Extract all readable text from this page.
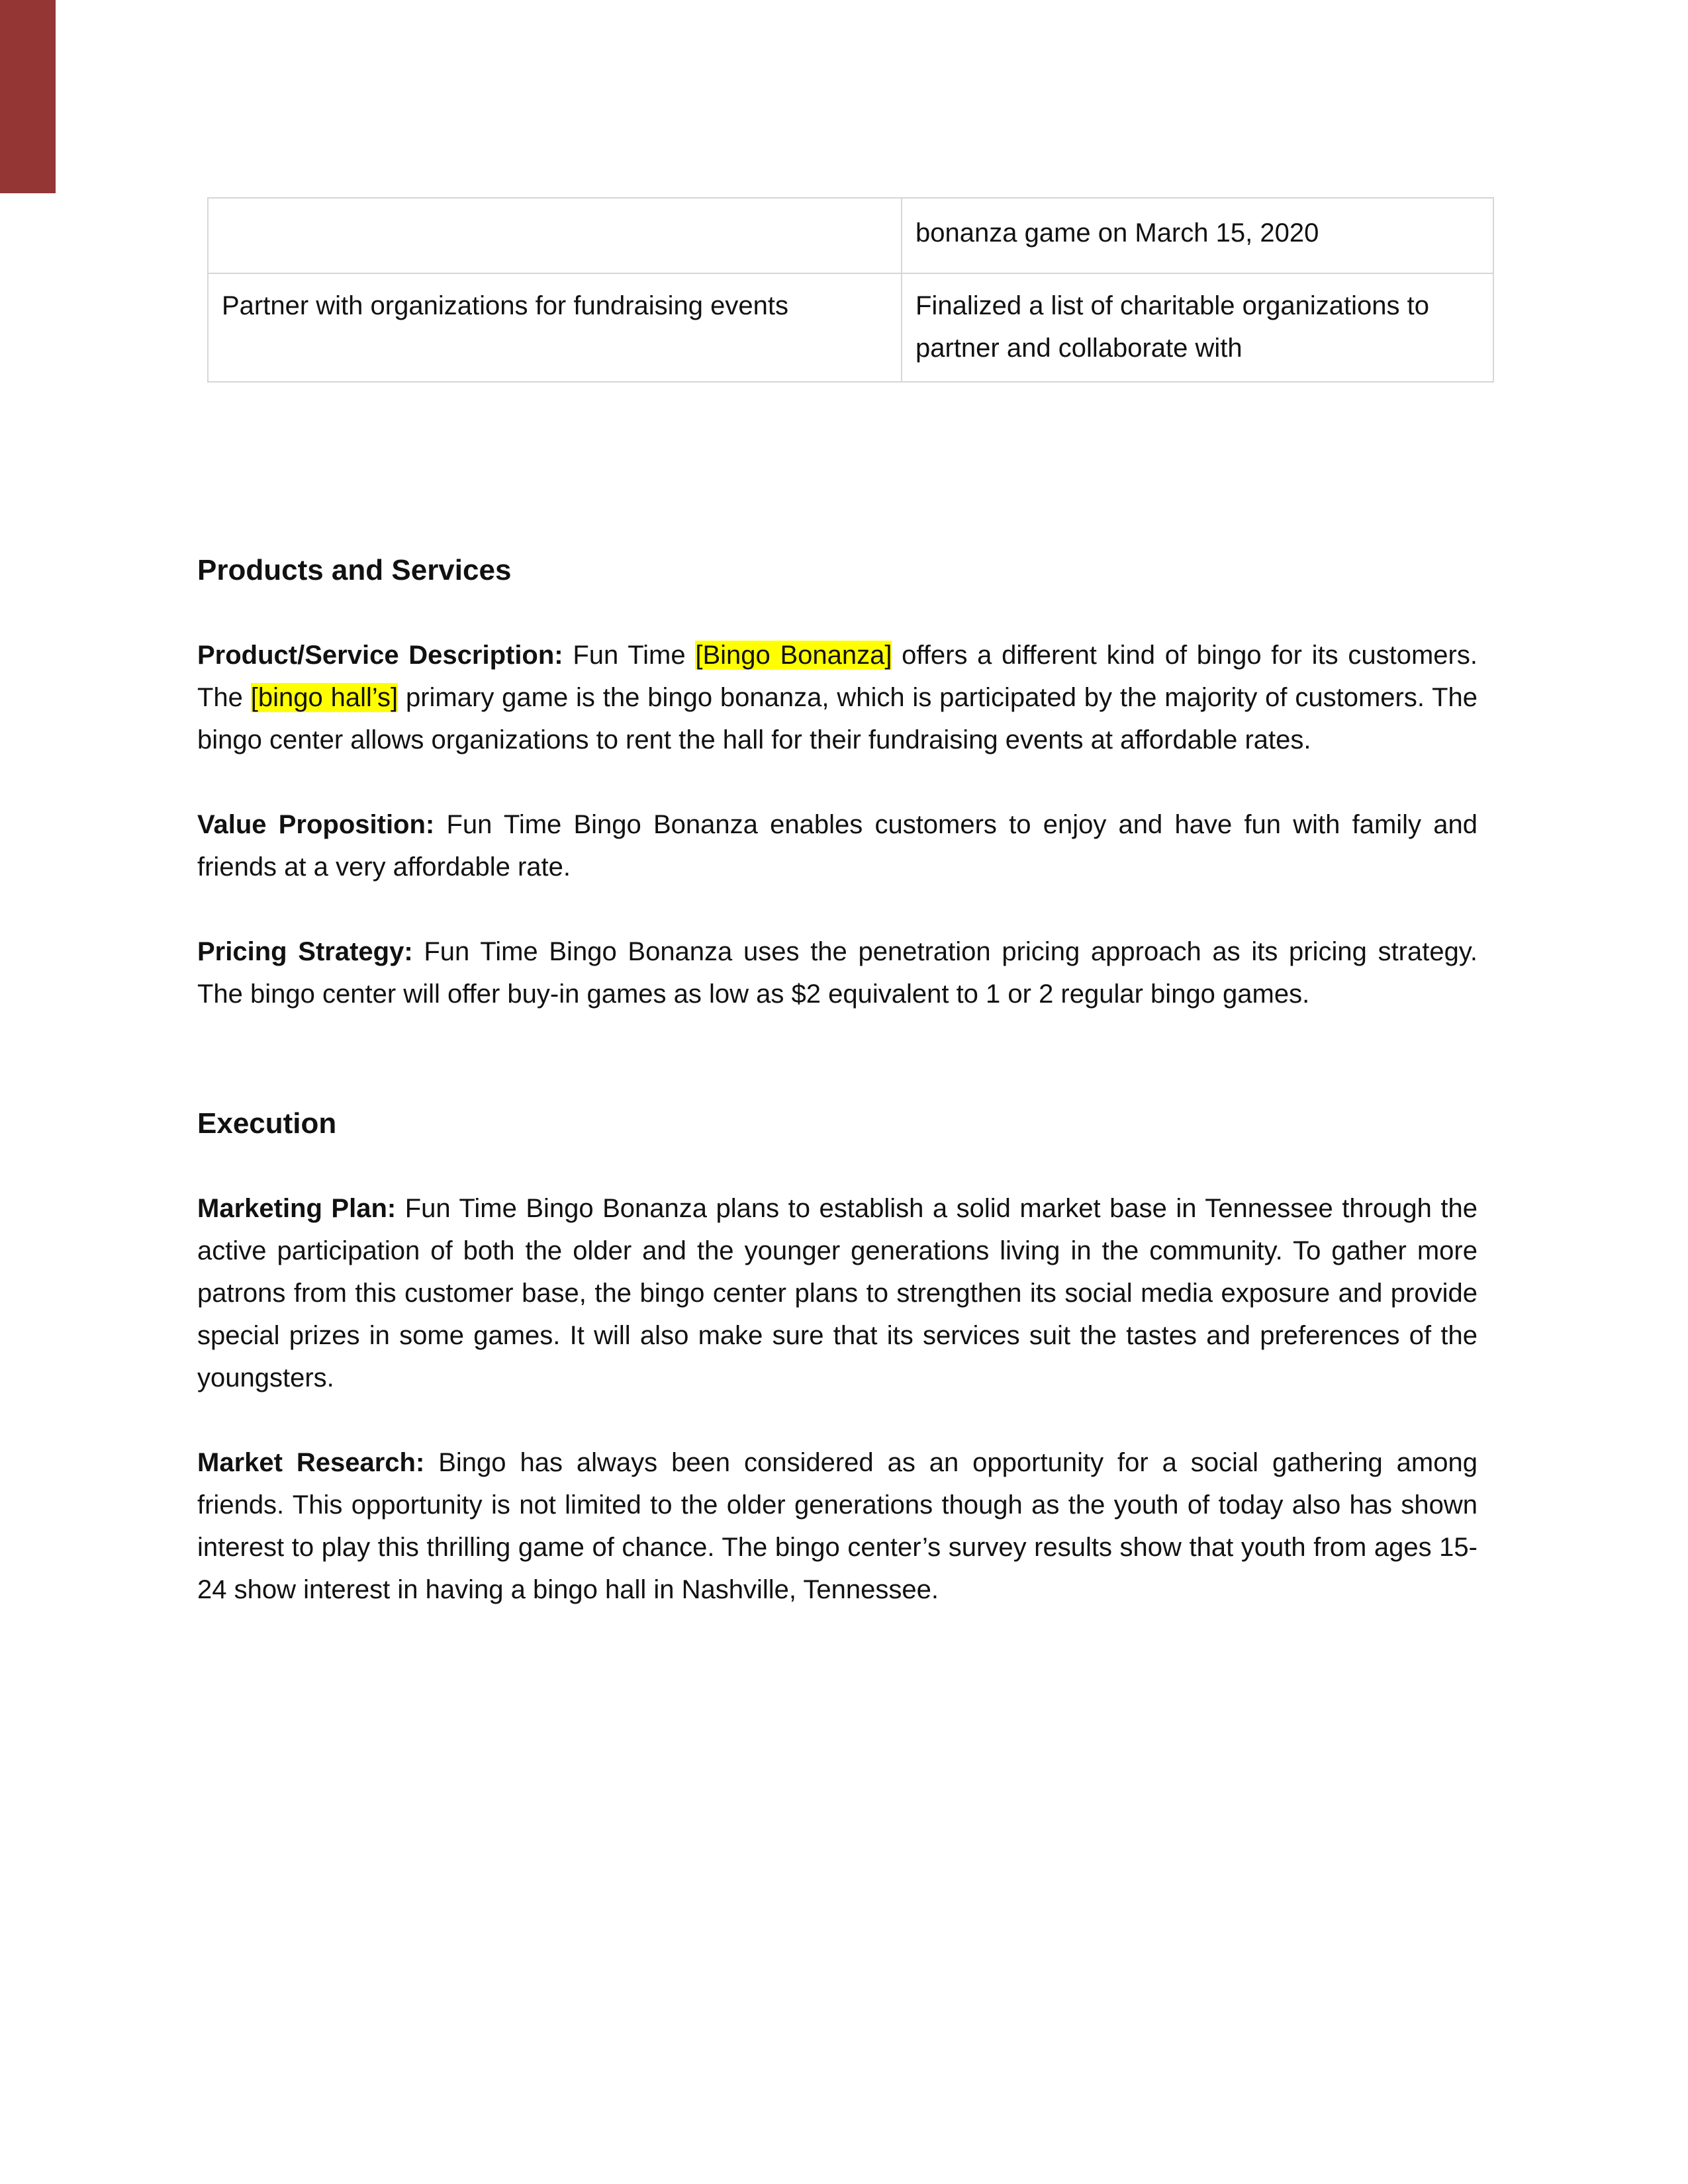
	bonanza game on March 15, 2020
Partner with organizations for fundraising events	Finalized a list of charitable organizations to partner and collaborate with
Products and Services

Product/Service Description: Fun Time [Bingo Bonanza] offers a different kind of bingo for its customers. The [bingo hall’s] primary game is the bingo bonanza, which is participated by the majority of customers. The bingo center allows organizations to rent the hall for their fundraising events at affordable rates.

Value Proposition: Fun Time Bingo Bonanza enables customers to enjoy and have fun with family and friends at a very affordable rate.

Pricing Strategy: Fun Time Bingo Bonanza uses the penetration pricing approach as its pricing strategy. The bingo center will offer buy-in games as low as $2 equivalent to 1 or 2 regular bingo games.

Execution

Marketing Plan: Fun Time Bingo Bonanza plans to establish a solid market base in Tennessee through the active participation of both the older and the younger generations living in the community. To gather more patrons from this customer base, the bingo center plans to strengthen its social media exposure and provide special prizes in some games. It will also make sure that its services suit the tastes and preferences of the youngsters.

Market Research: Bingo has always been considered as an opportunity for a social gathering among friends. This opportunity is not limited to the older generations though as the youth of today also has shown interest to play this thrilling game of chance. The bingo center’s survey results show that youth from ages 15-24 show interest in having a bingo hall in Nashville, Tennessee.
